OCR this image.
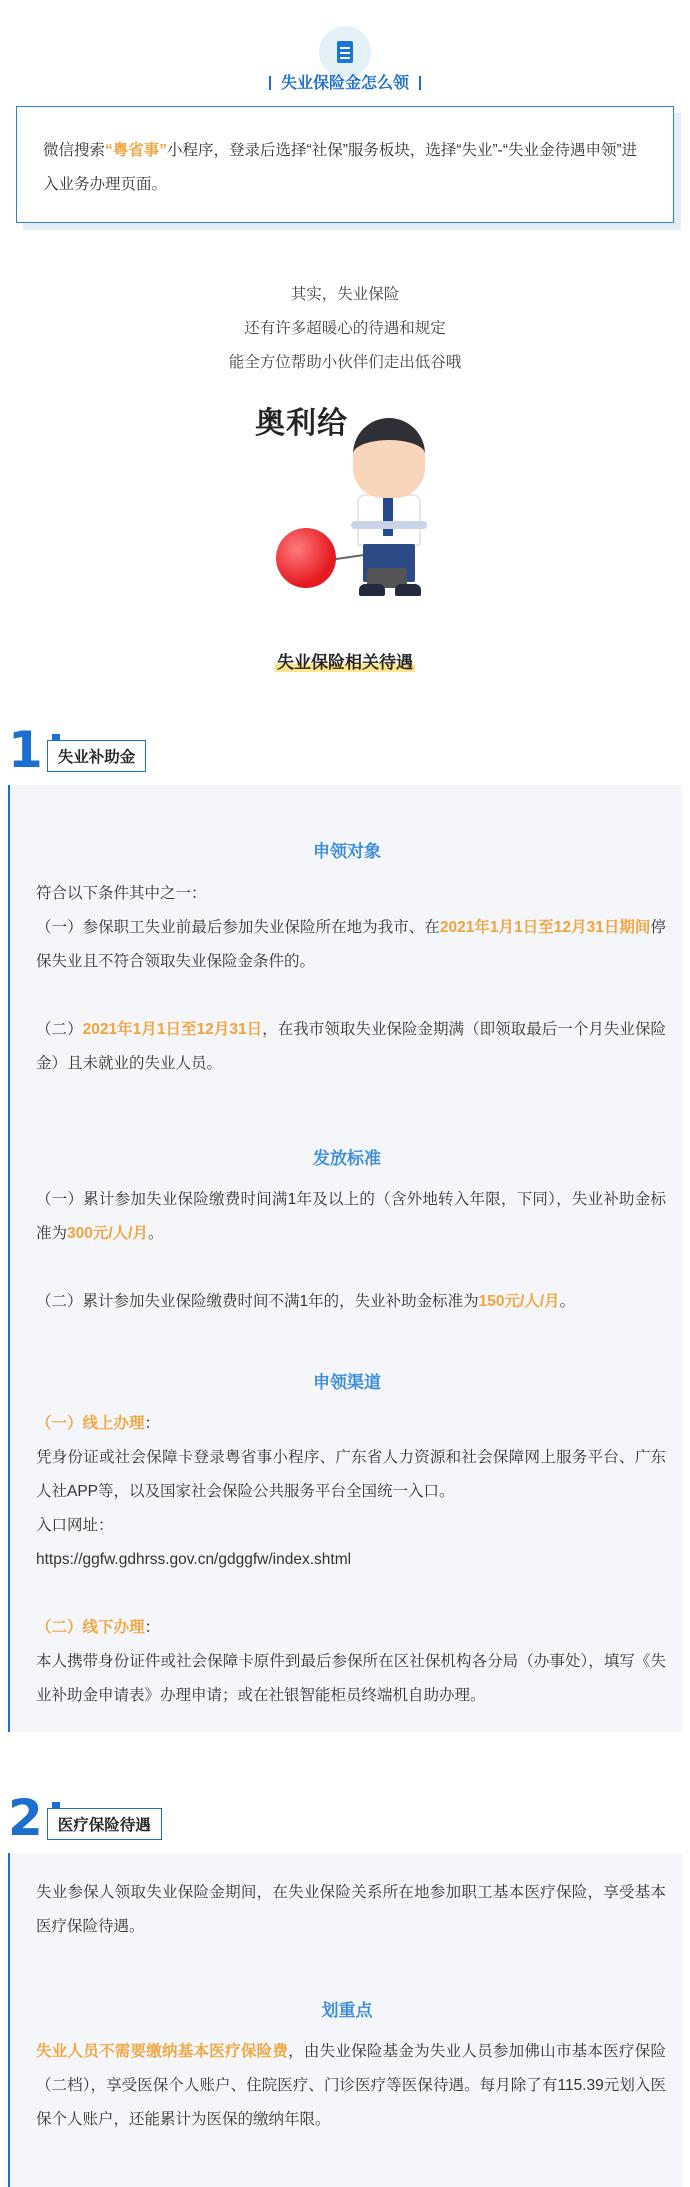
失业保险金怎么领
微信搜索“粤省事”小程序，登录后选择“社保”服务板块，选择“失业”-“失业金待遇申领”进入业务办理页面。
其实，失业保险
还有许多超暖心的待遇和规定
能全方位帮助小伙伴们走出低谷哦
奥利给
失业保险相关待遇
1 失业补助金
申领对象
符合以下条件其中之一：
（一）参保职工失业前最后参加失业保险所在地为我市、在2021年1月1日至12月31日期间停保失业且不符合领取失业保险金条件的。
（二）2021年1月1日至12月31日，在我市领取失业保险金期满（即领取最后一个月失业保险金）且未就业的失业人员。
发放标准
（一）累计参加失业保险缴费时间满1年及以上的（含外地转入年限，下同），失业补助金标准为300元/人/月。
（二）累计参加失业保险缴费时间不满1年的，失业补助金标准为150元/人/月。
申领渠道
（一）线上办理：
凭身份证或社会保障卡登录粤省事小程序、广东省人力资源和社会保障网上服务平台、广东人社APP等，以及国家社会保险公共服务平台全国统一入口。
入口网址：
https://ggfw.gdhrss.gov.cn/gdggfw/index.shtml
（二）线下办理：
本人携带身份证件或社会保障卡原件到最后参保所在区社保机构各分局（办事处），填写《失业补助金申请表》办理申请；或在社银智能柜员终端机自助办理。
2 医疗保险待遇
失业参保人领取失业保险金期间，在失业保险关系所在地参加职工基本医疗保险，享受基本医疗保险待遇。
划重点
失业人员不需要缴纳基本医疗保险费，由失业保险基金为失业人员参加佛山市基本医疗保险（二档），享受医保个人账户、住院医疗、门诊医疗等医保待遇。每月除了有115.39元划入医保个人账户，还能累计为医保的缴纳年限。
